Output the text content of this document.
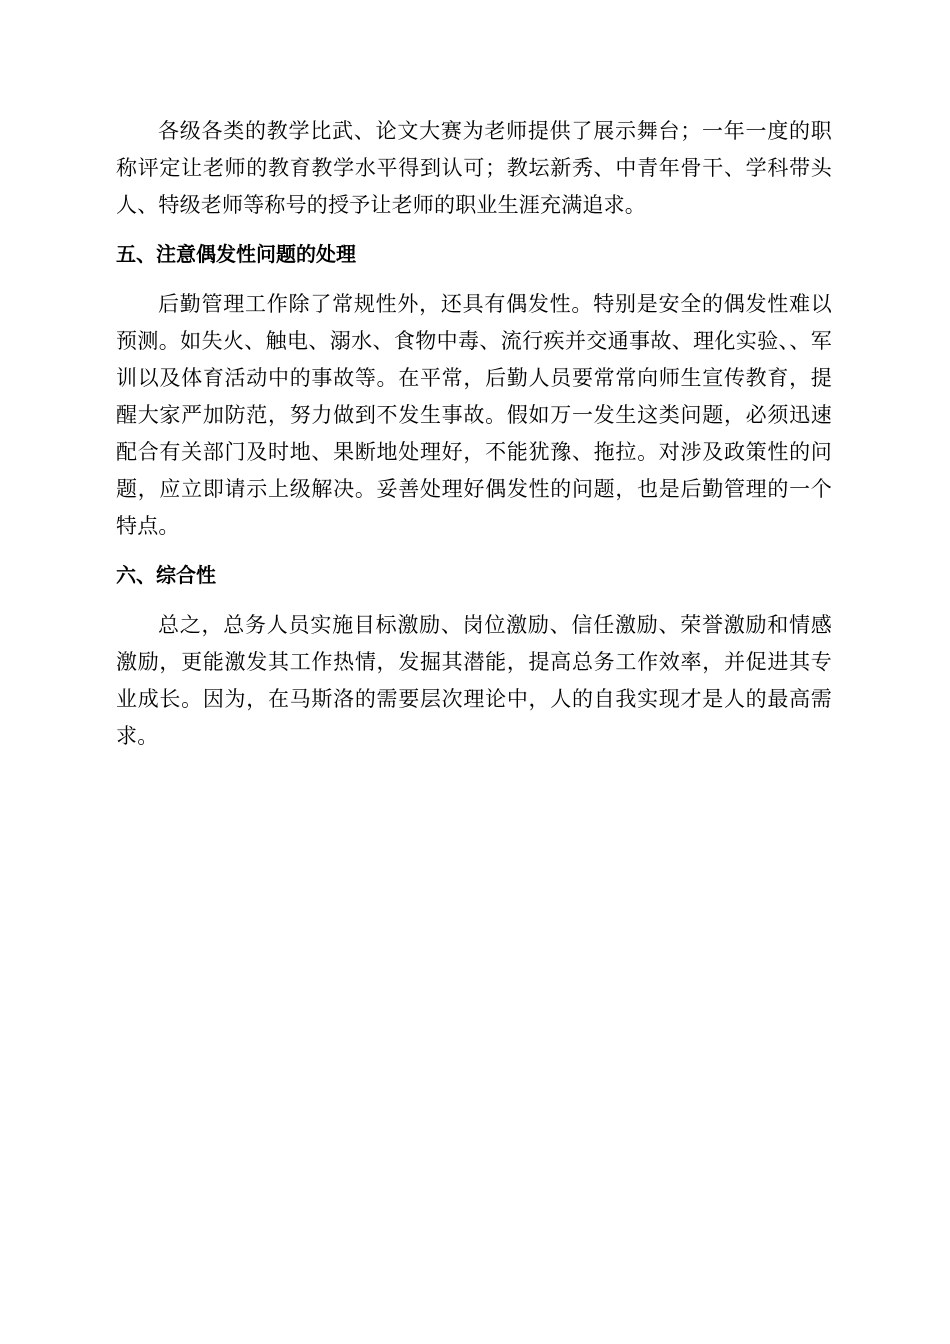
各级各类的教学比武、论文大赛为老师提供了展示舞台；一年一度的职称评定让老师的教育教学水平得到认可；教坛新秀、中青年骨干、学科带头人、特级老师等称号的授予让老师的职业生涯充满追求。

五、注意偶发性问题的处理

后勤管理工作除了常规性外，还具有偶发性。特别是安全的偶发性难以预测。如失火、触电、溺水、食物中毒、流行疾并交通事故、理化实验、、军训以及体育活动中的事故等。在平常，后勤人员要常常向师生宣传教育，提醒大家严加防范，努力做到不发生事故。假如万一发生这类问题，必须迅速配合有关部门及时地、果断地处理好，不能犹豫、拖拉。对涉及政策性的问题，应立即请示上级解决。妥善处理好偶发性的问题，也是后勤管理的一个特点。

六、综合性

总之，总务人员实施目标激励、岗位激励、信任激励、荣誉激励和情感激励，更能激发其工作热情，发掘其潜能，提高总务工作效率，并促进其专业成长。因为，在马斯洛的需要层次理论中，人的自我实现才是人的最高需求。
